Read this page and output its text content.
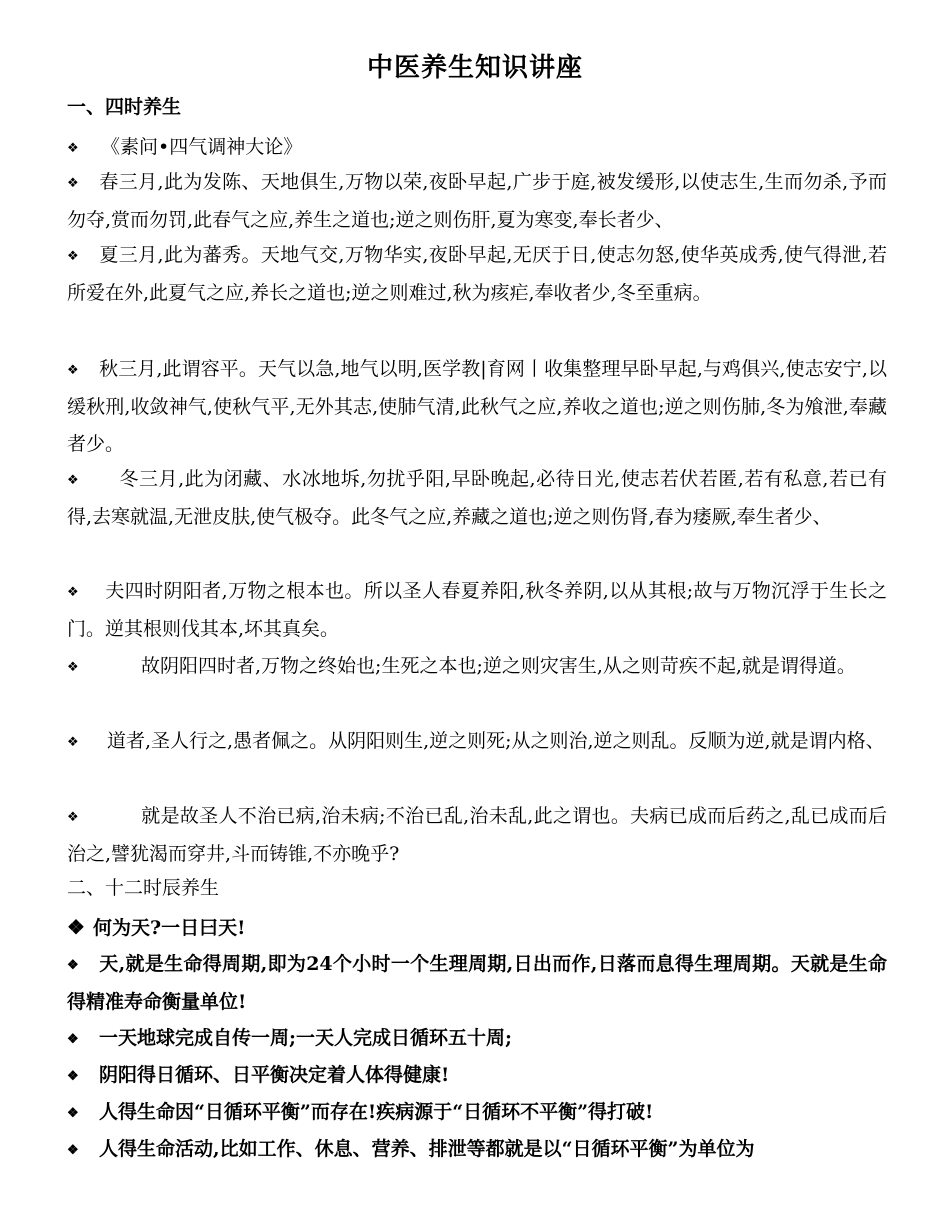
中医养生知识讲座
一、四时养生
❖ 《素问•四气调神大论》
❖ 春三月,此为发陈、天地俱生,万物以荣,夜卧早起,广步于庭,被发缓形,以使志生,生而勿杀,予而勿夺,赏而勿罚,此春气之应,养生之道也;逆之则伤肝,夏为寒变,奉长者少、
❖ 夏三月,此为蕃秀。天地气交,万物华实,夜卧早起,无厌于日,使志勿怒,使华英成秀,使气得泄,若所爱在外,此夏气之应,养长之道也;逆之则难过,秋为痎疟,奉收者少,冬至重病。
❖ 秋三月,此谓容平。天气以急,地气以明,医学教|育网丨收集整理早卧早起,与鸡俱兴,使志安宁,以缓秋刑,收敛神气,使秋气平,无外其志,使肺气清,此秋气之应,养收之道也;逆之则伤肺,冬为飧泄,奉藏者少。
❖ 冬三月,此为闭藏、水冰地坼,勿扰乎阳,早卧晚起,必待日光,使志若伏若匿,若有私意,若已有得,去寒就温,无泄皮肤,使气极夺。此冬气之应,养藏之道也;逆之则伤肾,春为痿厥,奉生者少、
❖ 夫四时阴阳者,万物之根本也。所以圣人春夏养阳,秋冬养阴,以从其根;故与万物沉浮于生长之门。逆其根则伐其本,坏其真矣。
❖	故阴阳四时者,万物之终始也;生死之本也;逆之则灾害生,从之则苛疾不起,就是谓得道。
❖ 道者,圣人行之,愚者佩之。从阴阳则生,逆之则死;从之则治,逆之则乱。反顺为逆,就是谓内格、
❖	就是故圣人不治已病,治未病;不治已乱,治未乱,此之谓也。夫病已成而后药之,乱已成而后治之,譬犹渴而穿井,斗而铸锥,不亦晚乎?
二、十二时辰养生
❖ 何为天?一日曰天!
❖ 天,就是生命得周期,即为24个小时一个生理周期,日出而作,日落而息得生理周期。天就是生命得精准寿命衡量单位!
❖ 一天地球完成自传一周;一天人完成日循环五十周;
❖ 阴阳得日循环、日平衡决定着人体得健康!
❖ 人得生命因“日循环平衡”而存在!疾病源于“日循环不平衡”得打破!
❖ 人得生命活动,比如工作、休息、营养、排泄等都就是以“日循环平衡”为单位为
